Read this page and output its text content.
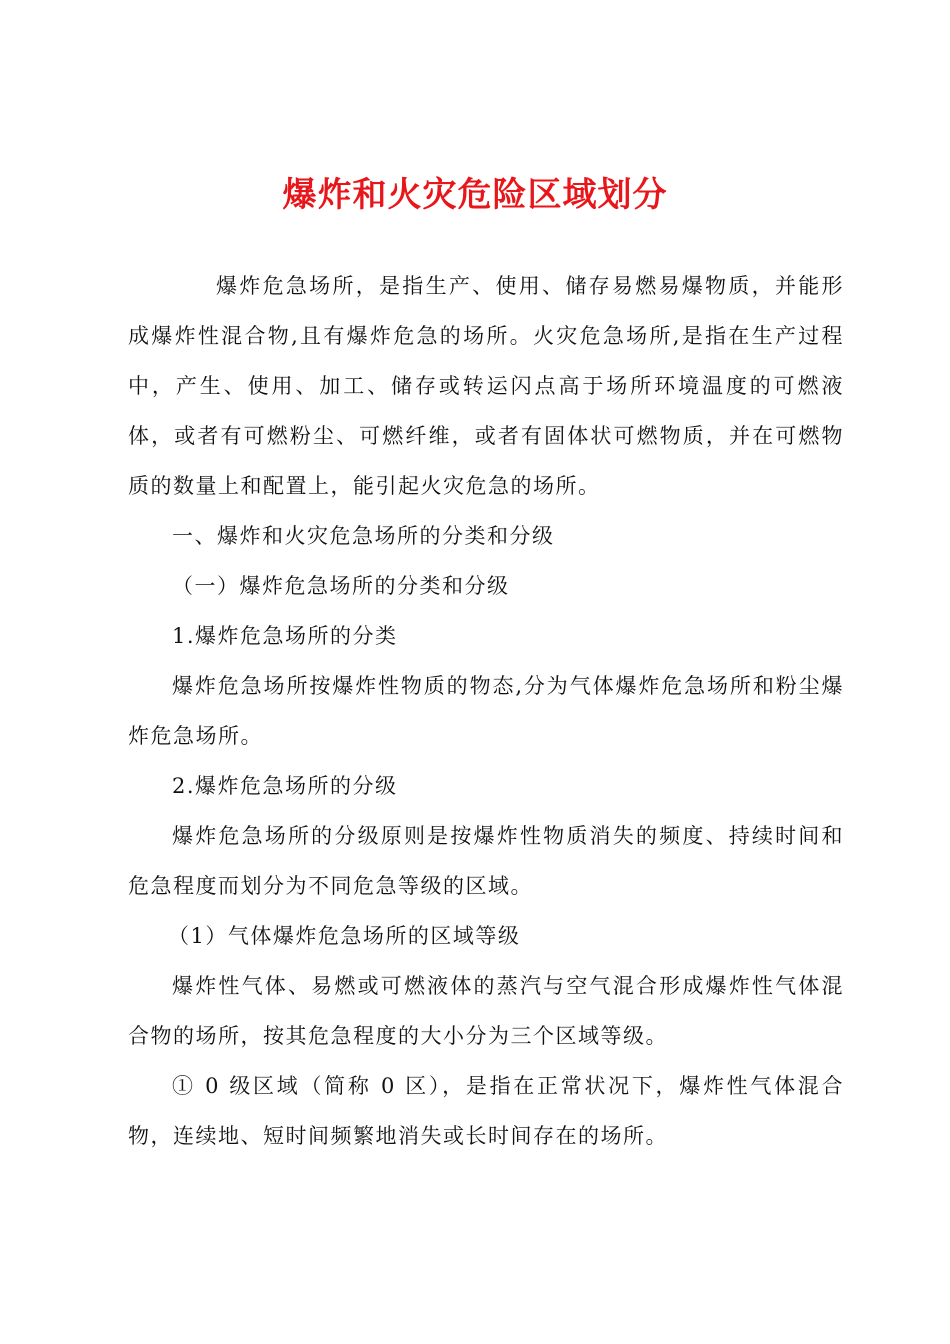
爆炸和火灾危险区域划分

爆炸危急场所，是指生产、使用、储存易燃易爆物质，并能形成爆炸性混合物,且有爆炸危急的场所。火灾危急场所,是指在生产过程中，产生、使用、加工、储存或转运闪点高于场所环境温度的可燃液体，或者有可燃粉尘、可燃纤维，或者有固体状可燃物质，并在可燃物质的数量上和配置上，能引起火灾危急的场所。

一、爆炸和火灾危急场所的分类和分级

（一）爆炸危急场所的分类和分级

1.爆炸危急场所的分类

爆炸危急场所按爆炸性物质的物态,分为气体爆炸危急场所和粉尘爆炸危急场所。

2.爆炸危急场所的分级

爆炸危急场所的分级原则是按爆炸性物质消失的频度、持续时间和危急程度而划分为不同危急等级的区域。

（1）气体爆炸危急场所的区域等级

爆炸性气体、易燃或可燃液体的蒸汽与空气混合形成爆炸性气体混合物的场所，按其危急程度的大小分为三个区域等级。

① 0 级区域（简称 0 区），是指在正常状况下，爆炸性气体混合物，连续地、短时间频繁地消失或长时间存在的场所。
